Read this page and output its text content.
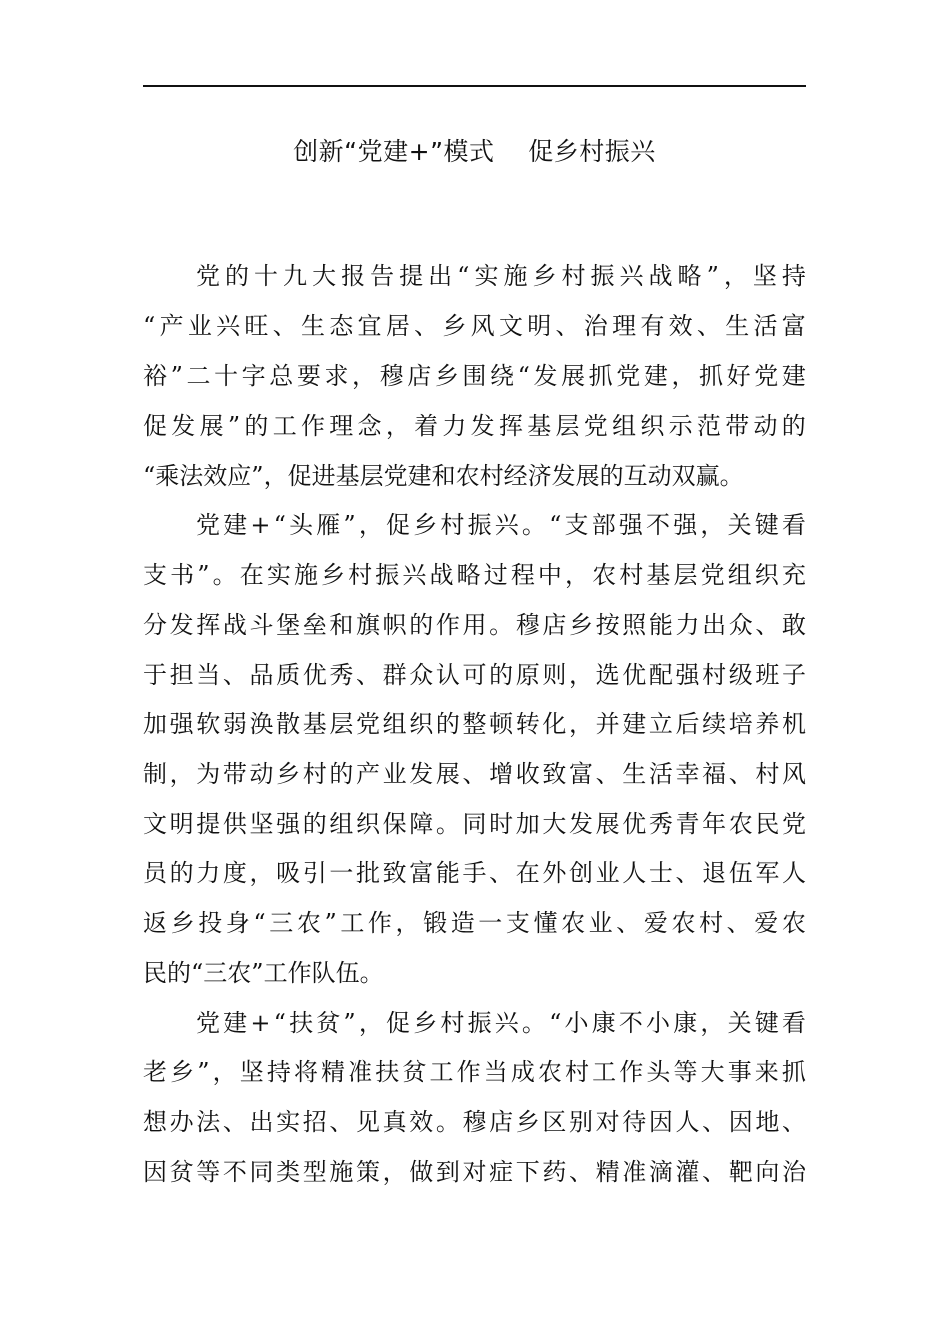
创新“党建+”模式    促乡村振兴
党 的 十 九 大 报 告 提 出 “ 实 施 乡 村 振 兴 战 略 ” ， 坚 持
“ 产 业 兴 旺 、 生 态 宜 居 、 乡 风 文 明 、 治 理 有 效 、 生 活 富
裕 ” 二 十 字 总 要 求 ， 穆 店 乡 围 绕 “ 发 展 抓 党 建 ， 抓 好 党 建
促 发 展 ” 的 工 作 理 念 ， 着 力 发 挥 基 层 党 组 织 示 范 带 动 的
“ 乘 法 效 应 ” ， 促 进 基 层 党 建 和 农 村 经 济 发 展 的 互 动 双 赢 。
党 建 + “ 头 雁 ” ， 促 乡 村 振 兴 。 “ 支 部 强 不 强 ， 关 键 看
支 书 ” 。 在 实 施 乡 村 振 兴 战 略 过 程 中 ， 农 村 基 层 党 组 织 充
分 发 挥 战 斗 堡 垒 和 旗 帜 的 作 用 。 穆 店 乡 按 照 能 力 出 众 、 敢
于 担 当 、 品 质 优 秀 、 群 众 认 可 的 原 则 ， 选 优 配 强 村 级 班 子
加 强 软 弱 涣 散 基 层 党 组 织 的 整 顿 转 化 ， 并 建 立 后 续 培 养 机
制 ， 为 带 动 乡 村 的 产 业 发 展 、 增 收 致 富 、 生 活 幸 福 、 村 风
文 明 提 供 坚 强 的 组 织 保 障 。 同 时 加 大 发 展 优 秀 青 年 农 民 党
员 的 力 度 ， 吸 引 一 批 致 富 能 手 、 在 外 创 业 人 士 、 退 伍 军 人
返 乡 投 身 “ 三 农 ” 工 作 ， 锻 造 一 支 懂 农 业 、 爱 农 村 、 爱 农
民 的 “ 三 农 ” 工 作 队 伍 。
党 建 + “ 扶 贫 ” ， 促 乡 村 振 兴 。 “ 小 康 不 小 康 ， 关 键 看
老 乡 ” ， 坚 持 将 精 准 扶 贫 工 作 当 成 农 村 工 作 头 等 大 事 来 抓
想 办 法 、 出 实 招 、 见 真 效 。 穆 店 乡 区 别 对 待 因 人 、 因 地 、
因 贫 等 不 同 类 型 施 策 ， 做 到 对 症 下 药 、 精 准 滴 灌 、 靶 向 治
